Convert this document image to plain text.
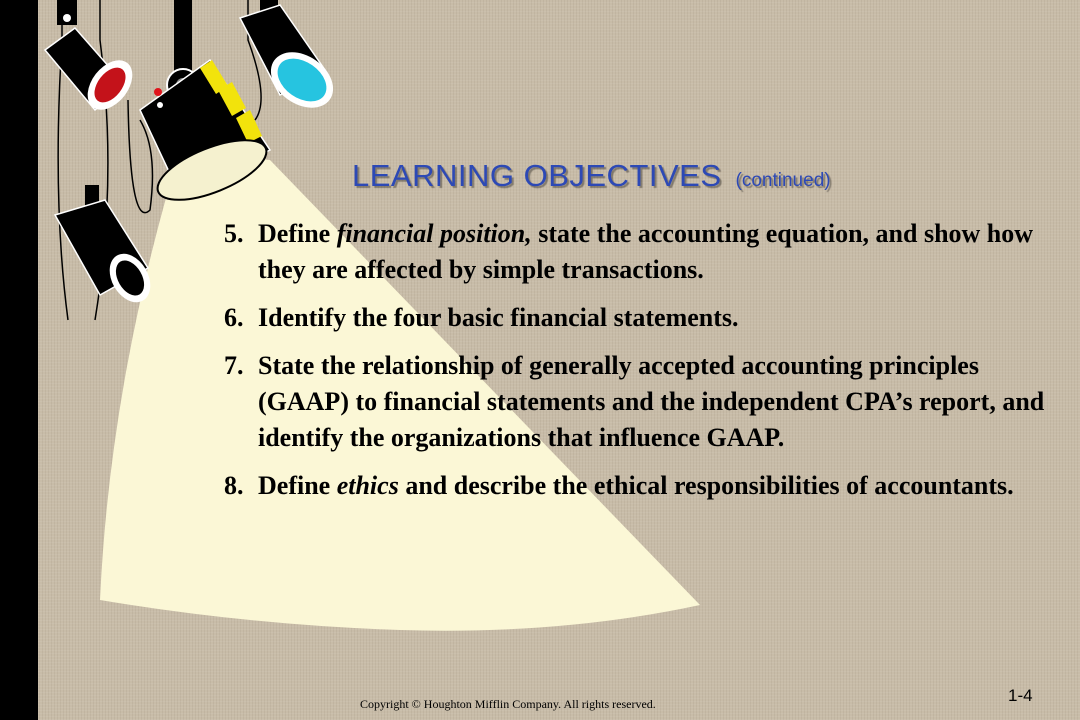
LEARNING OBJECTIVES (continued)
5. Define financial position, state the accounting equation, and show how they are affected by simple transactions.
6. Identify the four basic financial statements.
7. State the relationship of generally accepted accounting principles (GAAP) to financial statements and the independent CPA’s report, and identify the organizations that influence GAAP.
8. Define ethics and describe the ethical responsibilities of accountants.
Copyright © Houghton Mifflin Company. All rights reserved.	1-4
